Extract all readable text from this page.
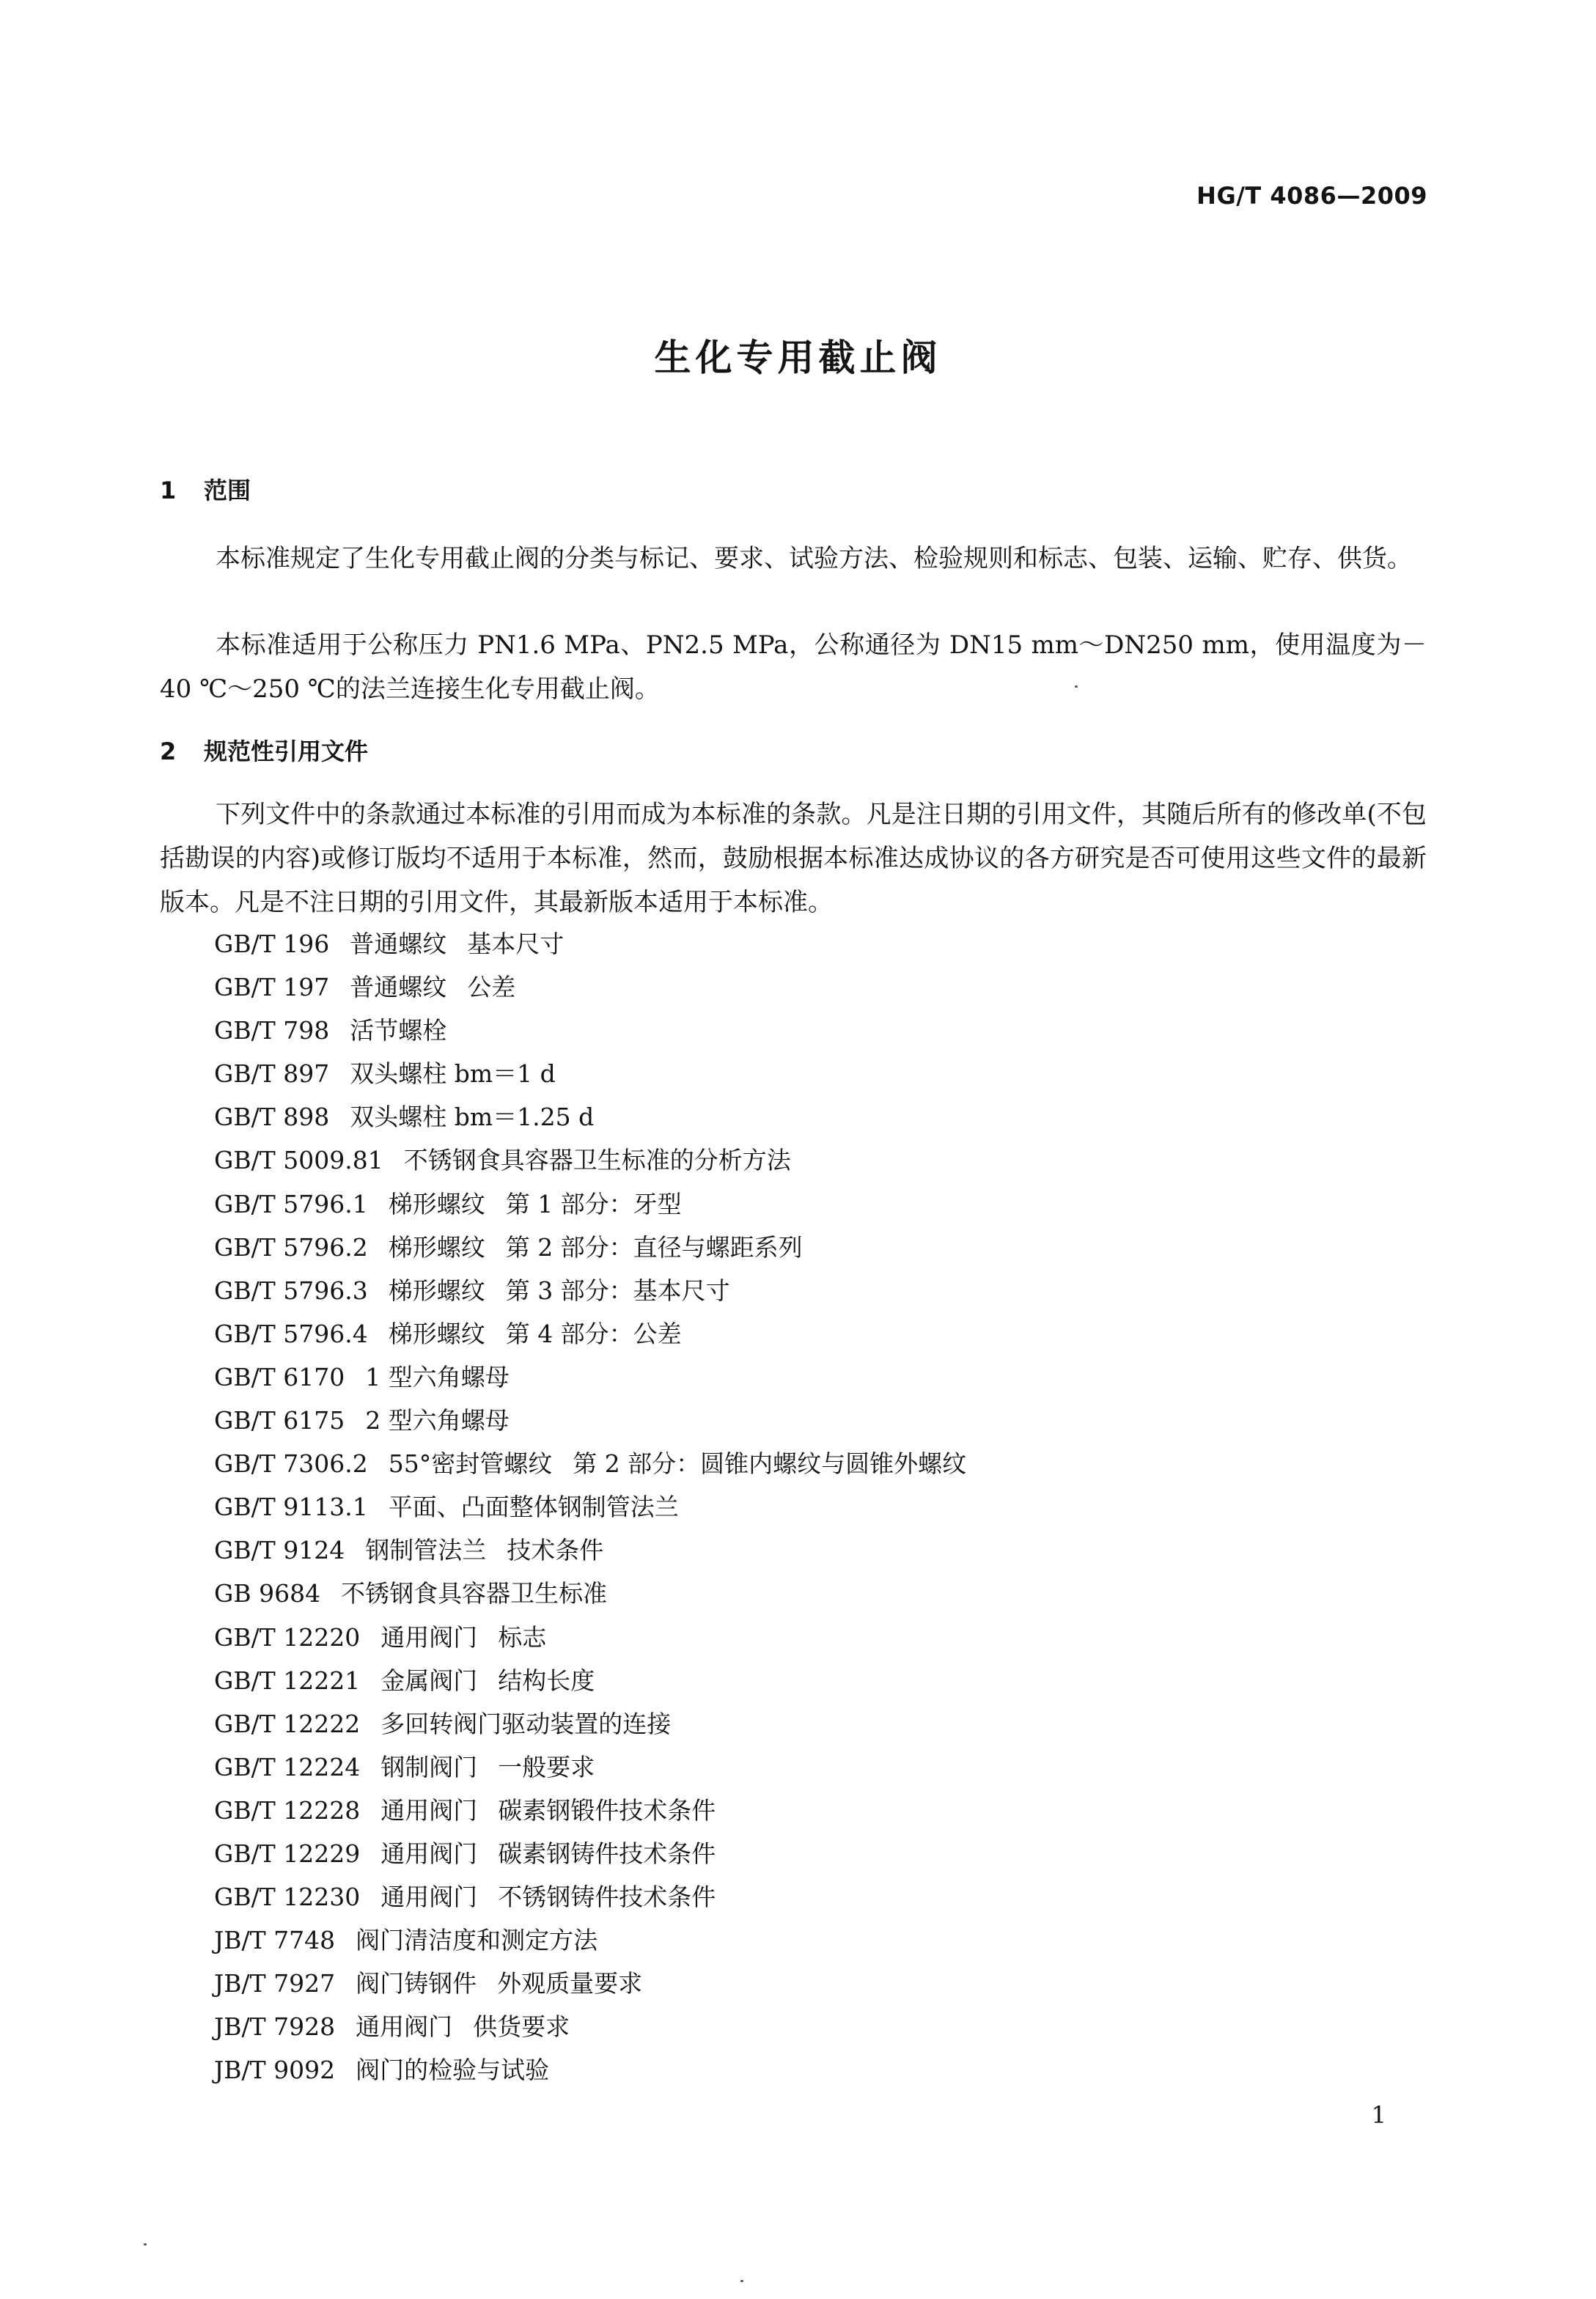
HG/T 4086—2009
生化专用截止阀
1 范围

本标准规定了生化专用截止阀的分类与标记、要求、试验方法、检验规则和标志、包装、运输、贮存、供货。

本标准适用于公称压力 PN1.6 MPa、PN2.5 MPa，公称通径为 DN15 mm～DN250 mm，使用温度为－40 ℃～250 ℃的法兰连接生化专用截止阀。

2 规范性引用文件

下列文件中的条款通过本标准的引用而成为本标准的条款。凡是注日期的引用文件，其随后所有的修改单(不包括勘误的内容)或修订版均不适用于本标准，然而，鼓励根据本标准达成协议的各方研究是否可使用这些文件的最新版本。凡是不注日期的引用文件，其最新版本适用于本标准。

GB/T 196 普通螺纹 基本尺寸
GB/T 197 普通螺纹 公差
GB/T 798 活节螺栓
GB/T 897 双头螺柱 bm＝1 d
GB/T 898 双头螺柱 bm＝1.25 d
GB/T 5009.81 不锈钢食具容器卫生标准的分析方法
GB/T 5796.1 梯形螺纹 第 1 部分：牙型
GB/T 5796.2 梯形螺纹 第 2 部分：直径与螺距系列
GB/T 5796.3 梯形螺纹 第 3 部分：基本尺寸
GB/T 5796.4 梯形螺纹 第 4 部分：公差
GB/T 6170 1 型六角螺母
GB/T 6175 2 型六角螺母
GB/T 7306.2 55°密封管螺纹 第 2 部分：圆锥内螺纹与圆锥外螺纹
GB/T 9113.1 平面、凸面整体钢制管法兰
GB/T 9124 钢制管法兰 技术条件
GB 9684 不锈钢食具容器卫生标准
GB/T 12220 通用阀门 标志
GB/T 12221 金属阀门 结构长度
GB/T 12222 多回转阀门驱动装置的连接
GB/T 12224 钢制阀门 一般要求
GB/T 12228 通用阀门 碳素钢锻件技术条件
GB/T 12229 通用阀门 碳素钢铸件技术条件
GB/T 12230 通用阀门 不锈钢铸件技术条件
JB/T 7748 阀门清洁度和测定方法
JB/T 7927 阀门铸钢件 外观质量要求
JB/T 7928 通用阀门 供货要求
JB/T 9092 阀门的检验与试验
1
